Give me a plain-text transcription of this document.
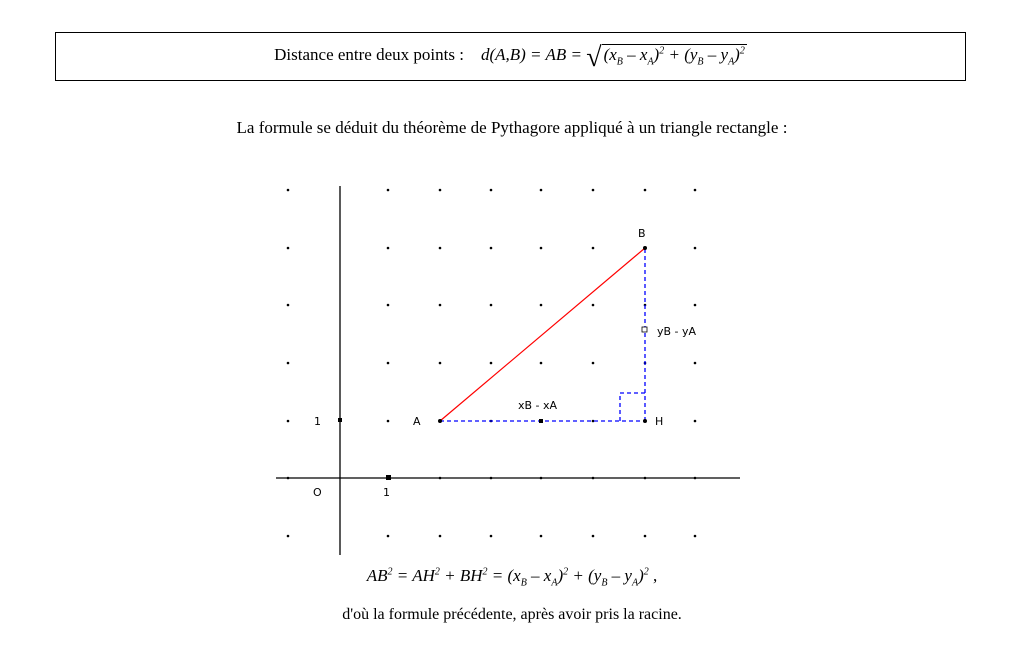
Distance entre deux points : d(A,B) = AB = √ $(x_B - x_A)^2 + (y_B - y_A)^2$
La formule se déduit du théorème de Pythagore appliqué à un triangle rectangle :
B
A	H
O	1
1
xB - xA
yB - yA
$AB^2 = AH^2 + BH^2 = (x_B - x_A)^2 + (y_B - y_A)^2$ ,
d'où la formule précédente, après avoir pris la racine.
